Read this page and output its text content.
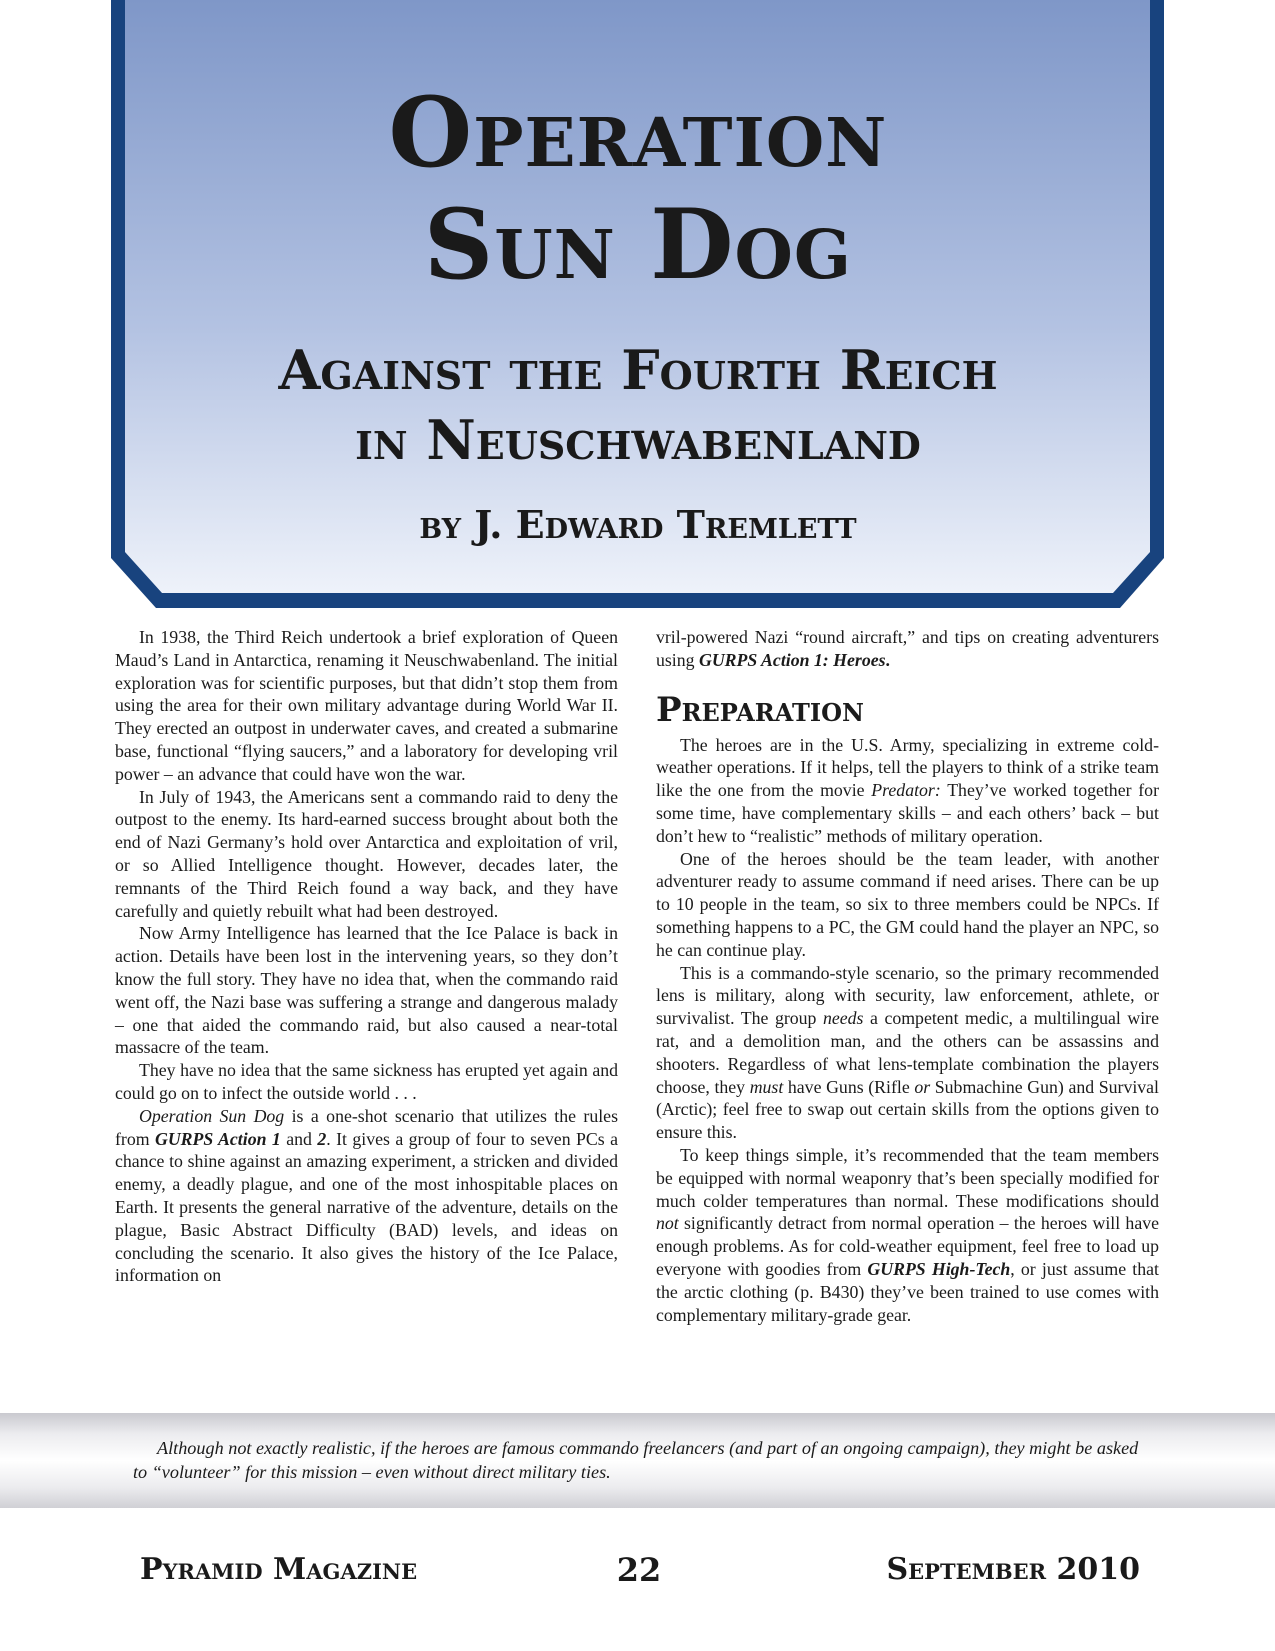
Operation
Sun Dog
Against the Fourth Reich
in Neuschwabenland
by J. Edward Tremlett

In 1938, the Third Reich undertook a brief exploration of Queen Maud’s Land in Antarctica, renaming it Neuschwabenland. The initial exploration was for scientific purposes, but that didn’t stop them from using the area for their own military advantage during World War II. They erected an outpost in underwater caves, and created a submarine base, functional “flying saucers,” and a laboratory for developing vril power – an advance that could have won the war.

In July of 1943, the Americans sent a commando raid to deny the outpost to the enemy. Its hard-earned success brought about both the end of Nazi Germany’s hold over Antarctica and exploitation of vril, or so Allied Intelligence thought. However, decades later, the remnants of the Third Reich found a way back, and they have carefully and quietly rebuilt what had been destroyed.

Now Army Intelligence has learned that the Ice Palace is back in action. Details have been lost in the intervening years, so they don’t know the full story. They have no idea that, when the commando raid went off, the Nazi base was suffering a strange and dangerous malady – one that aided the commando raid, but also caused a near-total massacre of the team.

They have no idea that the same sickness has erupted yet again and could go on to infect the outside world . . .

Operation Sun Dog is a one-shot scenario that utilizes the rules from GURPS Action 1 and 2. It gives a group of four to seven PCs a chance to shine against an amazing experiment, a stricken and divided enemy, a deadly plague, and one of the most inhospitable places on Earth. It presents the general narrative of the adventure, details on the plague, Basic Abstract Difficulty (BAD) levels, and ideas on concluding the scenario. It also gives the history of the Ice Palace, information on

vril-powered Nazi “round aircraft,” and tips on creating adventurers using GURPS Action 1: Heroes.

Preparation

The heroes are in the U.S. Army, specializing in extreme cold-weather operations. If it helps, tell the players to think of a strike team like the one from the movie Predator: They’ve worked together for some time, have complementary skills – and each others’ back – but don’t hew to “realistic” methods of military operation.

One of the heroes should be the team leader, with another adventurer ready to assume command if need arises. There can be up to 10 people in the team, so six to three members could be NPCs. If something happens to a PC, the GM could hand the player an NPC, so he can continue play.

This is a commando-style scenario, so the primary recommended lens is military, along with security, law enforcement, athlete, or survivalist. The group needs a competent medic, a multilingual wire rat, and a demolition man, and the others can be assassins and shooters. Regardless of what lens-template combination the players choose, they must have Guns (Rifle or Submachine Gun) and Survival (Arctic); feel free to swap out certain skills from the options given to ensure this.

To keep things simple, it’s recommended that the team members be equipped with normal weaponry that’s been specially modified for much colder temperatures than normal. These modifications should not significantly detract from normal operation – the heroes will have enough problems. As for cold-weather equipment, feel free to load up everyone with goodies from GURPS High-Tech, or just assume that the arctic clothing (p. B430) they’ve been trained to use comes with complementary military-grade gear.

Although not exactly realistic, if the heroes are famous commando freelancers (and part of an ongoing campaign), they might be asked to “volunteer” for this mission – even without direct military ties.
Pyramid Magazine	22	September 2010
